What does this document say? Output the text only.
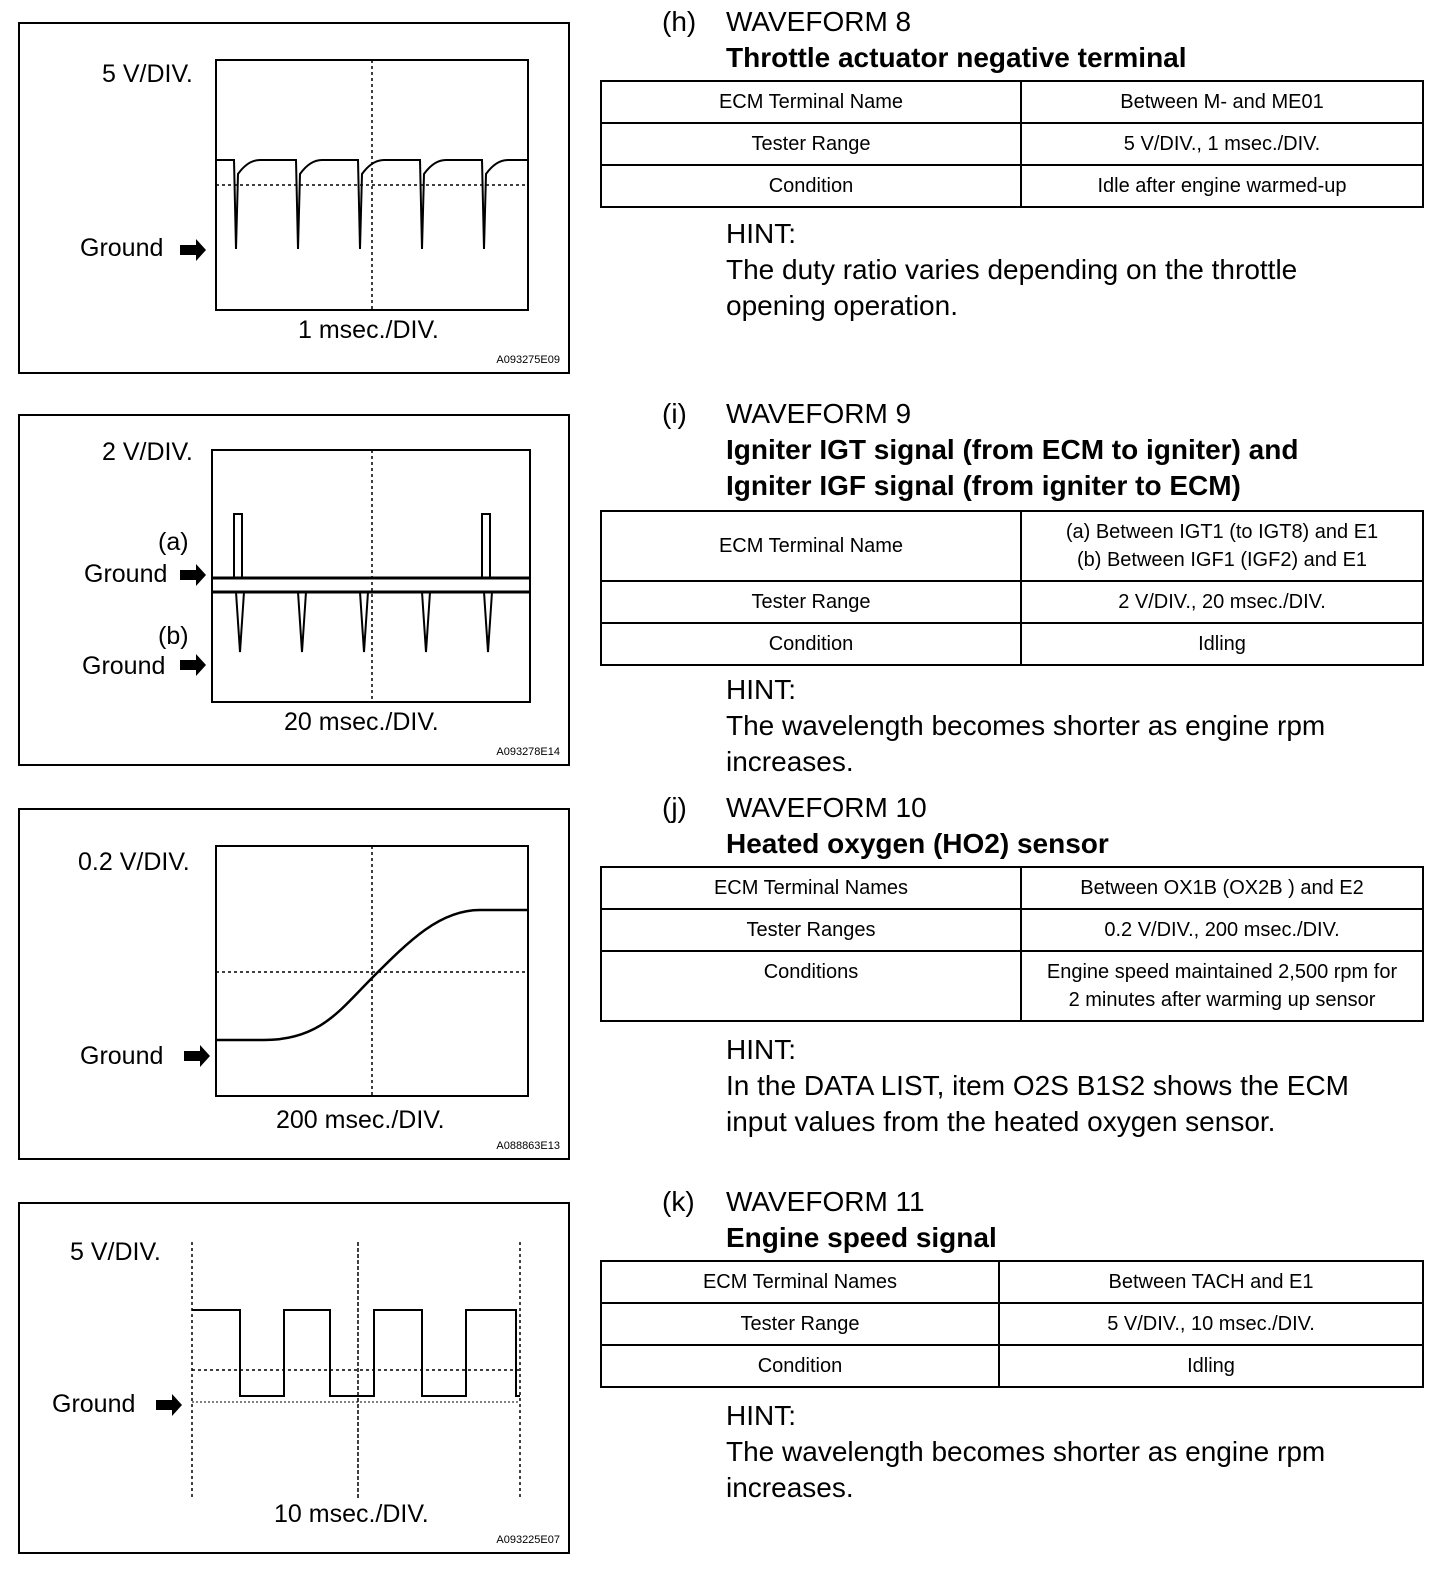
5 V/DIV.
Ground
1 msec./DIV.
A093275E09
2 V/DIV.
(a)
Ground
(b)
Ground
20 msec./DIV.
A093278E14
0.2 V/DIV.
Ground
200 msec./DIV.
A088863E13
5 V/DIV.
Ground
10 msec./DIV.
A093225E07
(h) WAVEFORM 8
Throttle actuator negative terminal
ECM Terminal Name	Between M- and ME01
Tester Range	5 V/DIV., 1 msec./DIV.
Condition	Idle after engine warmed-up
HINT:
The duty ratio varies depending on the throttle
opening operation.
(i) WAVEFORM 9
Igniter IGT signal (from ECM to igniter) and
Igniter IGF signal (from igniter to ECM)
ECM Terminal Name	(a) Between IGT1 (to IGT8) and E1
(b) Between IGF1 (IGF2) and E1

Tester Range	2 V/DIV., 20 msec./DIV.
Condition	Idling
HINT:
The wavelength becomes shorter as engine rpm
increases.
(j) WAVEFORM 10
Heated oxygen (HO2) sensor
ECM Terminal Names	Between OX1B (OX2B ) and E2
Tester Ranges	0.2 V/DIV., 200 msec./DIV.
Conditions	Engine speed maintained 2,500 rpm for
2 minutes after warming up sensor
HINT:
In the DATA LIST, item O2S B1S2 shows the ECM
input values from the heated oxygen sensor.
(k) WAVEFORM 11
Engine speed signal
ECM Terminal Names	Between TACH and E1
Tester Range	5 V/DIV., 10 msec./DIV.
Condition	Idling
HINT:
The wavelength becomes shorter as engine rpm
increases.
